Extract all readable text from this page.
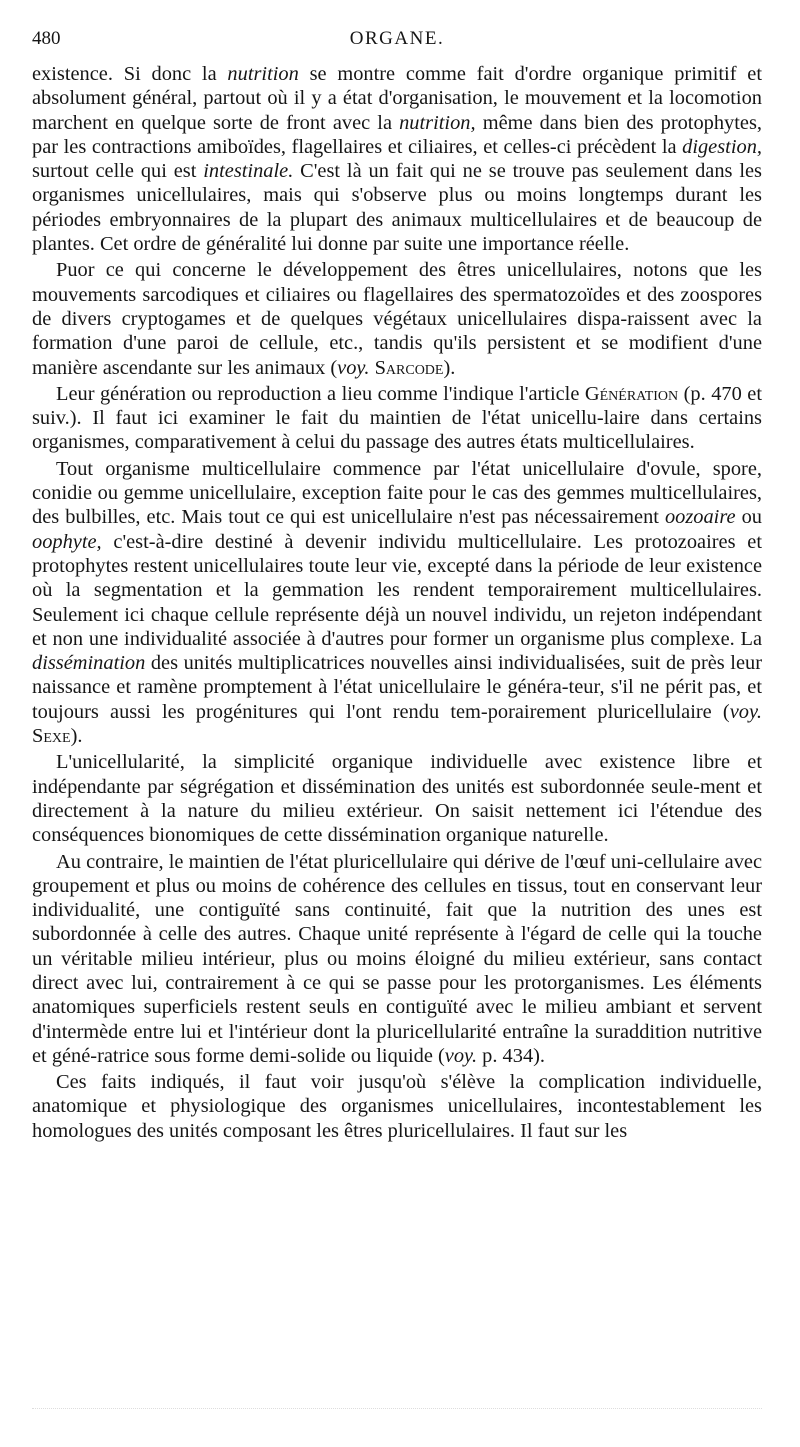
480	ORGANE.

existence. Si donc la nutrition se montre comme fait d'ordre organique primitif et absolument général, partout où il y a état d'organisation, le mouvement et la locomotion marchent en quelque sorte de front avec la nutrition, même dans bien des protophytes, par les contractions amiboïdes, flagellaires et ciliaires, et celles-ci précèdent la digestion, surtout celle qui est intestinale. C'est là un fait qui ne se trouve pas seulement dans les organismes unicellulaires, mais qui s'observe plus ou moins longtemps durant les périodes embryonnaires de la plupart des animaux multicellulaires et de beaucoup de plantes. Cet ordre de généralité lui donne par suite une importance réelle.

Puor ce qui concerne le développement des êtres unicellulaires, notons que les mouvements sarcodiques et ciliaires ou flagellaires des spermatozoïdes et des zoospores de divers cryptogames et de quelques végétaux unicellulaires dispa-raissent avec la formation d'une paroi de cellule, etc., tandis qu'ils persistent et se modifient d'une manière ascendante sur les animaux (voy. Sarcode).

Leur génération ou reproduction a lieu comme l'indique l'article Génération (p. 470 et suiv.). Il faut ici examiner le fait du maintien de l'état unicellu-laire dans certains organismes, comparativement à celui du passage des autres états multicellulaires.

Tout organisme multicellulaire commence par l'état unicellulaire d'ovule, spore, conidie ou gemme unicellulaire, exception faite pour le cas des gemmes multicellulaires, des bulbilles, etc. Mais tout ce qui est unicellulaire n'est pas nécessairement oozoaire ou oophyte, c'est-à-dire destiné à devenir individu multicellulaire. Les protozoaires et protophytes restent unicellulaires toute leur vie, excepté dans la période de leur existence où la segmentation et la gemmation les rendent temporairement multicellulaires. Seulement ici chaque cellule représente déjà un nouvel individu, un rejeton indépendant et non une individualité associée à d'autres pour former un organisme plus complexe. La dissémination des unités multiplicatrices nouvelles ainsi individualisées, suit de près leur naissance et ramène promptement à l'état unicellulaire le généra-teur, s'il ne périt pas, et toujours aussi les progénitures qui l'ont rendu tem-porairement pluricellulaire (voy. Sexe).

L'unicellularité, la simplicité organique individuelle avec existence libre et indépendante par ségrégation et dissémination des unités est subordonnée seule-ment et directement à la nature du milieu extérieur. On saisit nettement ici l'étendue des conséquences bionomiques de cette dissémination organique naturelle.

Au contraire, le maintien de l'état pluricellulaire qui dérive de l'œuf uni-cellulaire avec groupement et plus ou moins de cohérence des cellules en tissus, tout en conservant leur individualité, une contiguïté sans continuité, fait que la nutrition des unes est subordonnée à celle des autres. Chaque unité représente à l'égard de celle qui la touche un véritable milieu intérieur, plus ou moins éloigné du milieu extérieur, sans contact direct avec lui, contrairement à ce qui se passe pour les protorganismes. Les éléments anatomiques superficiels restent seuls en contiguïté avec le milieu ambiant et servent d'intermède entre lui et l'intérieur dont la pluricellularité entraîne la suraddition nutritive et géné-ratrice sous forme demi-solide ou liquide (voy. p. 434).

Ces faits indiqués, il faut voir jusqu'où s'élève la complication individuelle, anatomique et physiologique des organismes unicellulaires, incontestablement les homologues des unités composant les êtres pluricellulaires. Il faut sur les
